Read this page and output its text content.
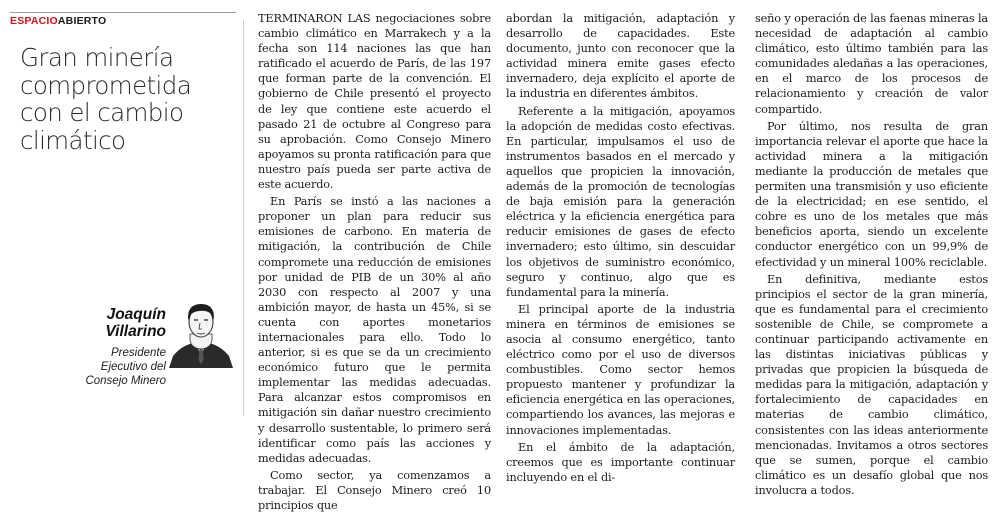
ESPACIOABIERTO
Gran minería comprometida con el cambio climático
Joaquín
Villarino
Presidente
Ejecutivo del
Consejo Minero

TERMINARON LAS negociaciones sobre cambio climático en Marrakech y a la fecha son 114 naciones las que han ratificado el acuerdo de París, de las 197 que forman parte de la convención. El gobierno de Chile presentó el proyecto de ley que contiene este acuerdo el pasado 21 de octubre al Congreso para su aprobación. Como Consejo Minero apoyamos su pronta ratificación para que nuestro país pueda ser parte activa de este acuerdo.

En París se instó a las naciones a proponer un plan para reducir sus emisiones de carbono. En materia de mitigación, la contribución de Chile compromete una reducción de emisiones por unidad de PIB de un 30% al año 2030 con respecto al 2007 y una ambición mayor, de hasta un 45%, si se cuenta con aportes monetarios internacionales para ello. Todo lo anterior, si es que se da un crecimiento económico futuro que le permita implementar las medidas adecuadas. Para alcanzar estos compromisos en mitigación sin dañar nuestro crecimiento y desarrollo sustentable, lo primero será identificar como país las acciones y medidas adecuadas.

Como sector, ya comenzamos a trabajar. El Consejo Minero creó 10 principios que

abordan la mitigación, adaptación y desarrollo de capacidades. Este documento, junto con reconocer que la actividad minera emite gases efecto invernadero, deja explícito el aporte de la industria en diferentes ámbitos.

Referente a la mitigación, apoyamos la adopción de medidas costo efectivas. En particular, impulsamos el uso de instrumentos basados en el mercado y aquellos que propicien la innovación, además de la promoción de tecnologías de baja emisión para la generación eléctrica y la eficiencia energética para reducir emisiones de gases de efecto invernadero; esto último, sin descuidar los objetivos de suministro económico, seguro y continuo, algo que es fundamental para la minería.

El principal aporte de la industria minera en términos de emisiones se asocia al consumo energético, tanto eléctrico como por el uso de diversos combustibles. Como sector hemos propuesto mantener y profundizar la eficiencia energética en las operaciones, compartiendo los avances, las mejoras e innovaciones implementadas.

En el ámbito de la adaptación, creemos que es importante continuar incluyendo en el di-

seño y operación de las faenas mineras la necesidad de adaptación al cambio climático, esto último también para las comunidades aledañas a las operaciones, en el marco de los procesos de relacionamiento y creación de valor compartido.

Por último, nos resulta de gran importancia relevar el aporte que hace la actividad minera a la mitigación mediante la producción de metales que permiten una transmisión y uso eficiente de la electricidad; en ese sentido, el cobre es uno de los metales que más beneficios aporta, siendo un excelente conductor energético con un 99,9% de efectividad y un mineral 100% reciclable.

En definitiva, mediante estos principios el sector de la gran minería, que es fundamental para el crecimiento sostenible de Chile, se compromete a continuar participando activamente en las distintas iniciativas públicas y privadas que propicien la búsqueda de medidas para la mitigación, adaptación y fortalecimiento de capacidades en materias de cambio climático, consistentes con las ideas anteriormente mencionadas. Invitamos a otros sectores que se sumen, porque el cambio climático es un desafío global que nos involucra a todos.
